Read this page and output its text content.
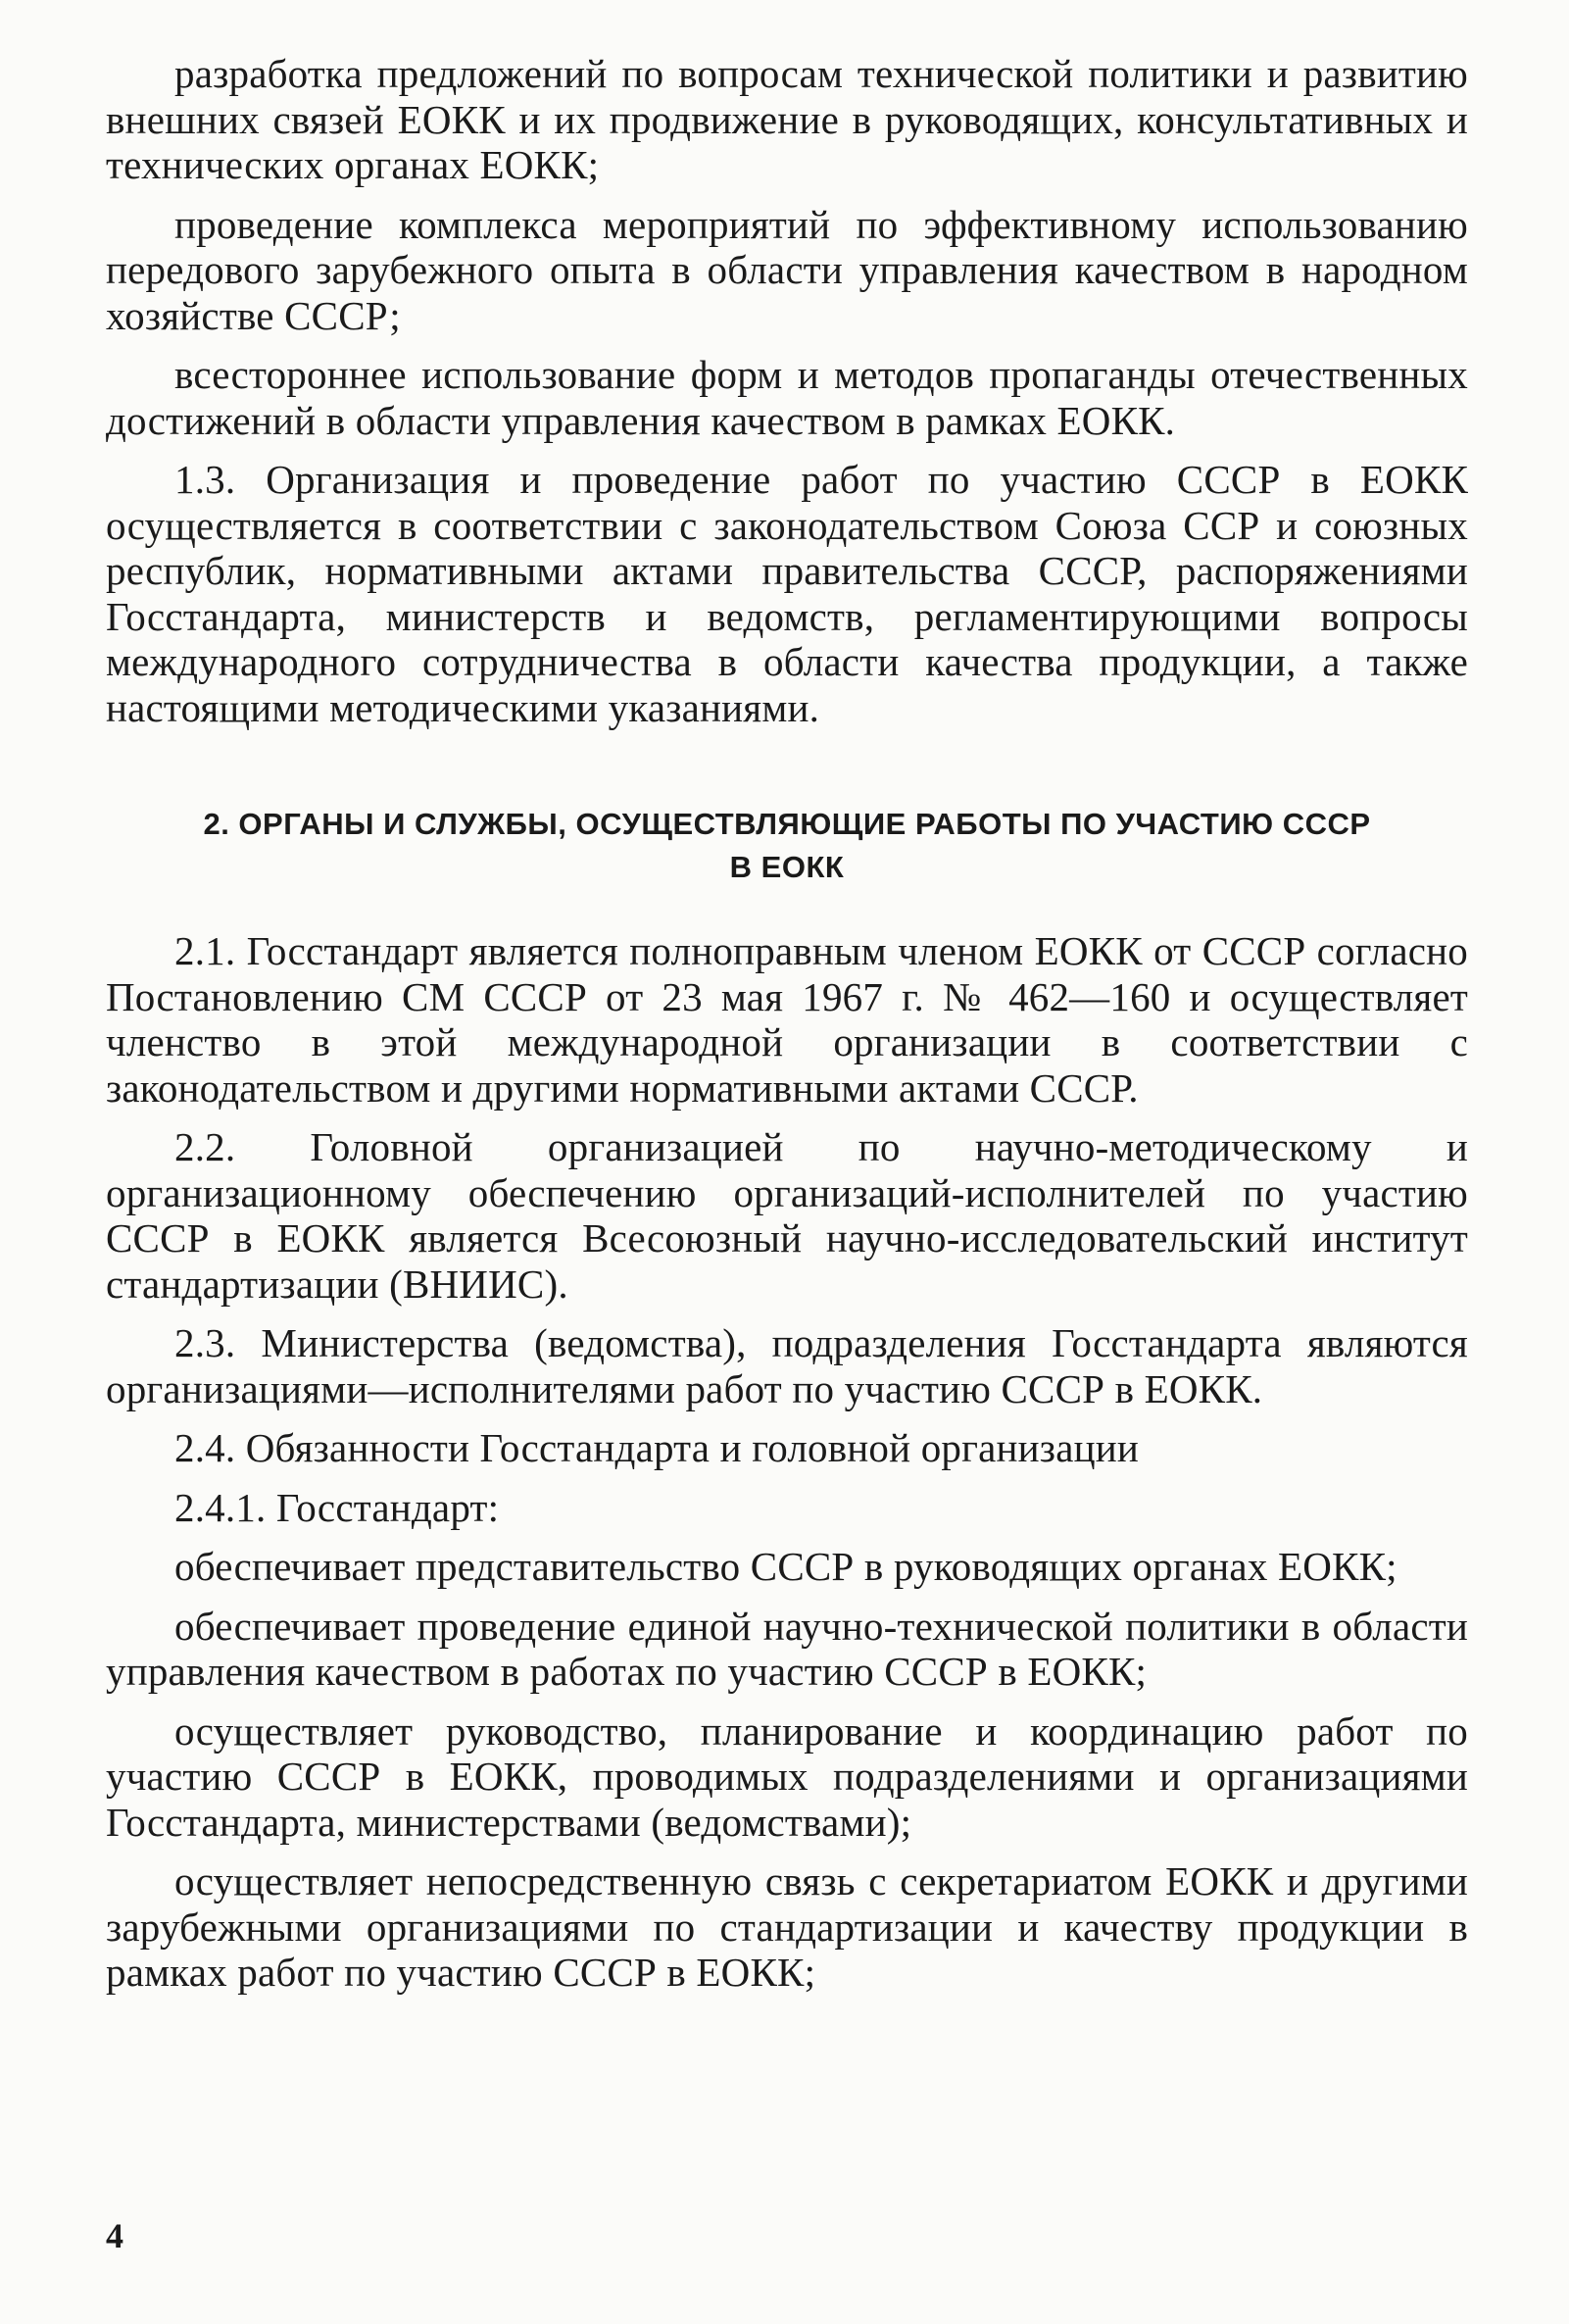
разработка предложений по вопросам технической политики и развитию внешних связей ЕОКК и их продвижение в руководящих, консультативных и технических органах ЕОКК;

проведение комплекса мероприятий по эффективному использованию передового зарубежного опыта в области управления качеством в народном хозяйстве СССР;

всестороннее использование форм и методов пропаганды отечественных достижений в области управления качеством в рамках ЕОКК.

1.3. Организация и проведение работ по участию СССР в ЕОКК осуществляется в соответствии с законодательством Союза ССР и союзных республик, нормативными актами правительства СССР, распоряжениями Госстандарта, министерств и ведомств, регламентирующими вопросы международного сотрудничества в области качества продукции, а также настоящими методическими указаниями.

2. ОРГАНЫ И СЛУЖБЫ, ОСУЩЕСТВЛЯЮЩИЕ РАБОТЫ ПО УЧАСТИЮ СССР
В ЕОКК

2.1. Госстандарт является полноправным членом ЕОКК от СССР согласно Постановлению СМ СССР от 23 мая 1967 г. № 462—160 и осуществляет членство в этой международной организации в соответствии с законодательством и другими нормативными актами СССР.

2.2. Головной организацией по научно-методическому и организационному обеспечению организаций-исполнителей по участию СССР в ЕОКК является Всесоюзный научно-исследовательский институт стандартизации (ВНИИС).

2.3. Министерства (ведомства), подразделения Госстандарта являются организациями—исполнителями работ по участию СССР в ЕОКК.

2.4. Обязанности Госстандарта и головной организации

2.4.1. Госстандарт:

обеспечивает представительство СССР в руководящих органах ЕОКК;

обеспечивает проведение единой научно-технической политики в области управления качеством в работах по участию СССР в ЕОКК;

осуществляет руководство, планирование и координацию работ по участию СССР в ЕОКК, проводимых подразделениями и организациями Госстандарта, министерствами (ведомствами);

осуществляет непосредственную связь с секретариатом ЕОКК и другими зарубежными организациями по стандартизации и качеству продукции в рамках работ по участию СССР в ЕОКК;

4
